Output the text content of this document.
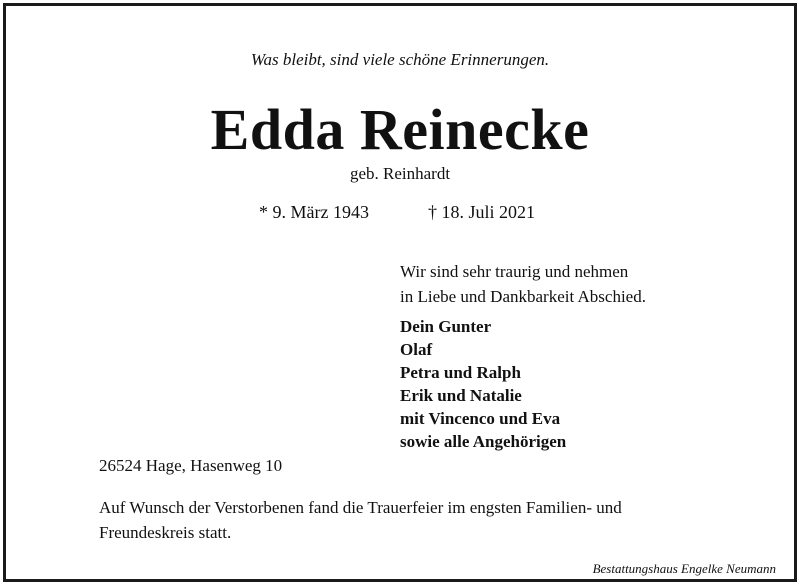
Was bleibt, sind viele schöne Erinnerungen.
Edda Reinecke
geb. Reinhardt
* 9. März 1943	† 18. Juli 2021
Wir sind sehr traurig und nehmen
in Liebe und Dankbarkeit Abschied.
Dein Gunter
Olaf
Petra und Ralph
Erik und Natalie
mit Vincenco und Eva
sowie alle Angehörigen
26524 Hage, Hasenweg 10
Auf Wunsch der Verstorbenen fand die Trauerfeier im engsten Familien- und Freundeskreis statt.
Bestattungshaus Engelke Neumann
